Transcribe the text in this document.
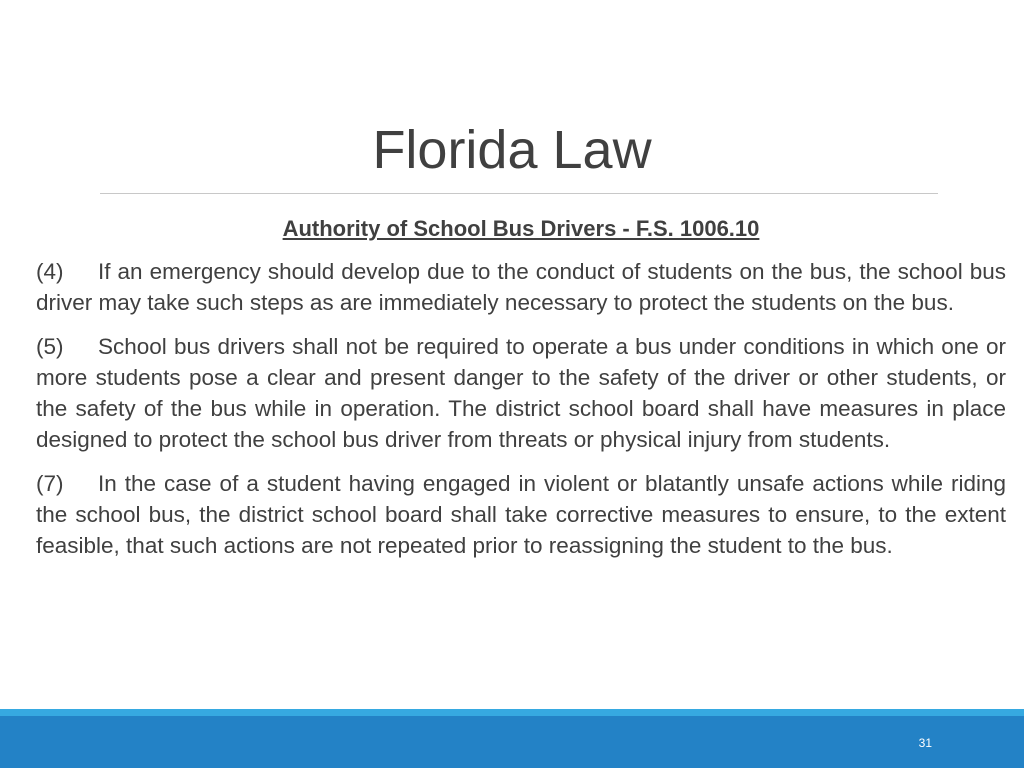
Florida Law
Authority of School Bus Drivers - F.S. 1006.10

(4) If an emergency should develop due to the conduct of students on the bus, the school bus driver may take such steps as are immediately necessary to protect the students on the bus.

(5) School bus drivers shall not be required to operate a bus under conditions in which one or more students pose a clear and present danger to the safety of the driver or other students, or the safety of the bus while in operation. The district school board shall have measures in place designed to protect the school bus driver from threats or physical injury from students.

(7) In the case of a student having engaged in violent or blatantly unsafe actions while riding the school bus, the district school board shall take corrective measures to ensure, to the extent feasible, that such actions are not repeated prior to reassigning the student to the bus.

31
